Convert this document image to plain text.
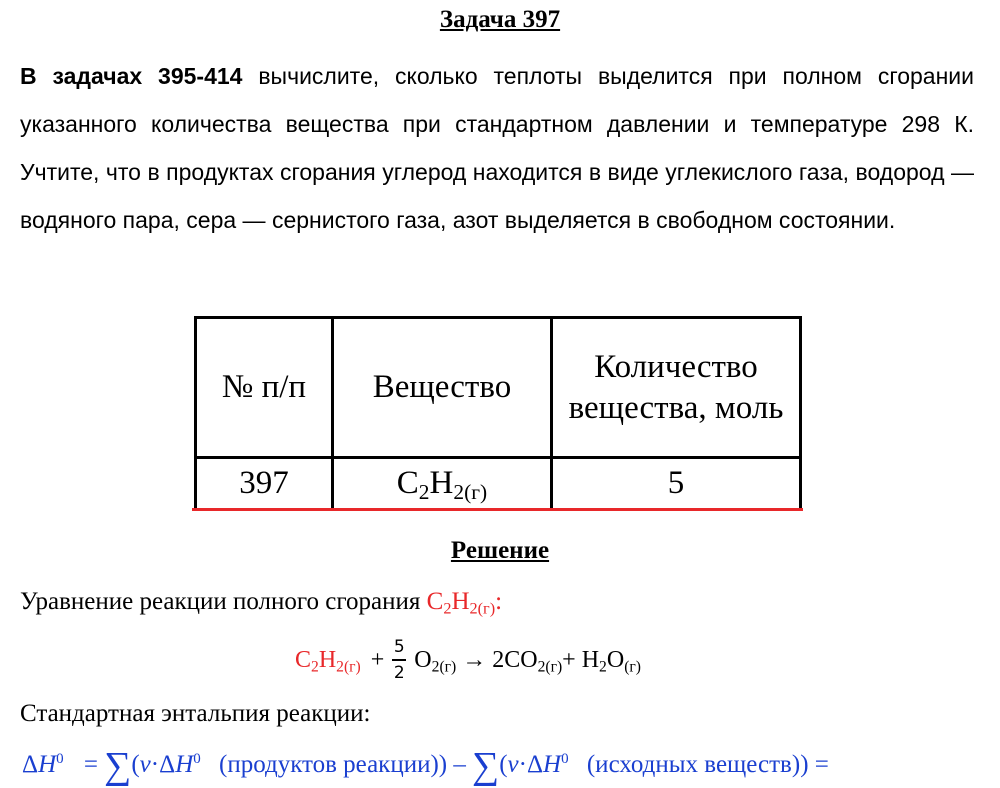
Задача 397
В задачах 395-414 вычислите, сколько теплоты выделится при полном сгорании указанного количества вещества при стандартном давлении и температуре 298 К. Учтите, что в продуктах сгорания углерод находится в виде углекислого газа, водород — водяного пара, сера — сернистого газа, азот выделяется в свободном состоянии.
№ п/п	Вещество	Количество вещества, моль
397	$C_2H_{2(г)}$	5
Решение
Уравнение реакции полного сгорания $C_2H_{2(г)}$:
$C_2H_{2(г)} + \frac{5}{2} O_{2(г)} \to 2CO_{2(г)} + H_2O_{(г)}$
Стандартная энтальпия реакции:
$\Delta H^0 = \sum(\nu\cdot\Delta H^0$ (продуктов реакции)) – $\sum(\nu\cdot\Delta H^0$ (исходных веществ)) =
